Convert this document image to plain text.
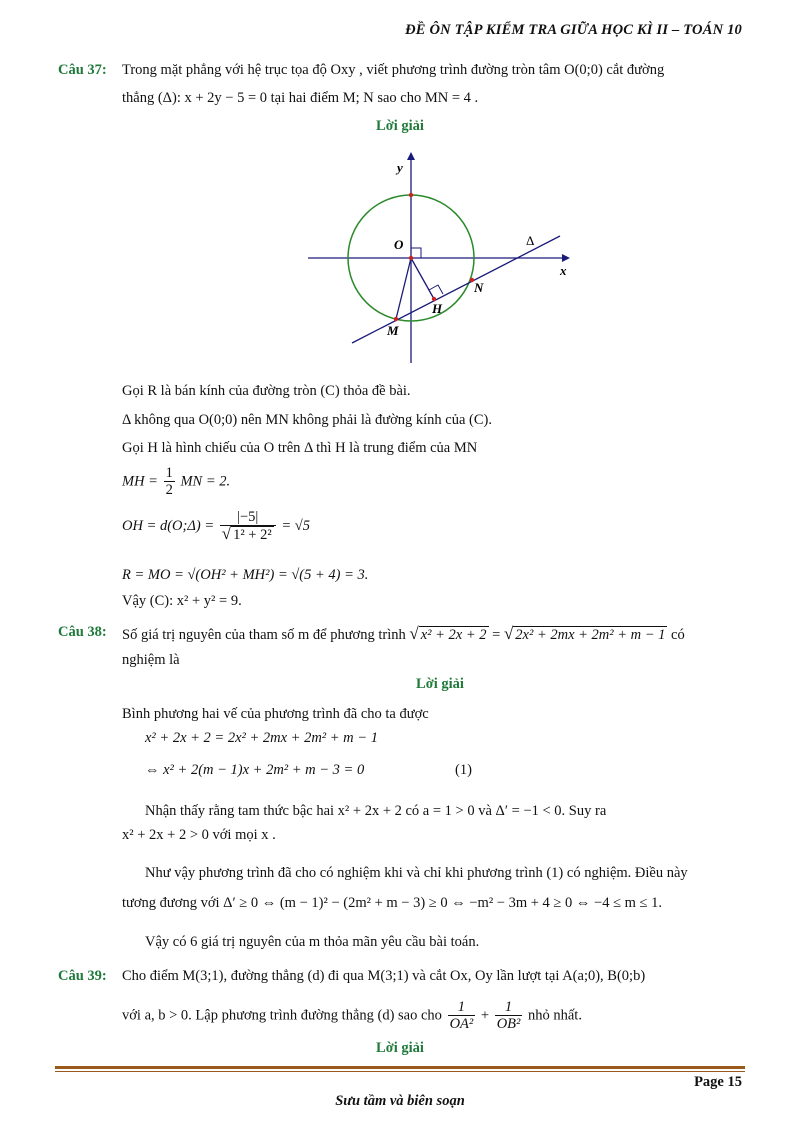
ĐỀ ÔN TẬP KIỂM TRA GIỮA HỌC KÌ II – TOÁN 10
Câu 37: Trong mặt phẳng với hệ trục tọa độ Oxy , viết phương trình đường tròn tâm O(0;0) cắt đường
thẳng (Δ): x + 2y − 5 = 0 tại hai điểm M; N sao cho MN = 4 .
Lời giải
y
x
O
H
N
M
Δ
Gọi R là bán kính của đường tròn (C) thỏa đề bài.
Δ không qua O(0;0) nên MN không phải là đường kính của (C).
Gọi H là hình chiếu của O trên Δ thì H là trung điểm của MN
MH = $\frac{1}{2}$ MN = 2.
OH = d(O;Δ) = $\frac{|-5|}{\text{√ 1² + 2²}} = √5$
R = MO = √(OH² + MH²) = √(5 + 4) = 3.
Vậy (C): x² + y² = 9.
Câu 38: Số giá trị nguyên của tham số m để phương trình √ x² + 2x + 2 = √ 2x² + 2mx + 2m² + m − 1 có
nghiệm là
Lời giải
Bình phương hai vế của phương trình đã cho ta được
x² + 2x + 2 = 2x² + 2mx + 2m² + m − 1
⇔ x² + 2(m − 1)x + 2m² + m − 3 = 0	(1)
Nhận thấy rằng tam thức bậc hai x² + 2x + 2 có a = 1 > 0 và Δ′ = −1 < 0. Suy ra
x² + 2x + 2 > 0 với mọi x .
Như vậy phương trình đã cho có nghiệm khi và chỉ khi phương trình (1) có nghiệm. Điều này
tương đương với Δ′ ≥ 0 ⇔ (m − 1)² − (2m² + m − 3) ≥ 0 ⇔ −m² − 3m + 4 ≥ 0 ⇔ −4 ≤ m ≤ 1.
Vậy có 6 giá trị nguyên của m thỏa mãn yêu cầu bài toán.
Câu 39: Cho điểm M(3;1), đường thẳng (d) đi qua M(3;1) và cắt Ox, Oy lần lượt tại A(a;0), B(0;b)
với a, b > 0. Lập phương trình đường thẳng (d) sao cho $\frac{1}{\text{OA²}} + \frac{1}{\text{OB²}}$ nhỏ nhất.
Lời giải
Page 15
Sưu tầm và biên soạn
